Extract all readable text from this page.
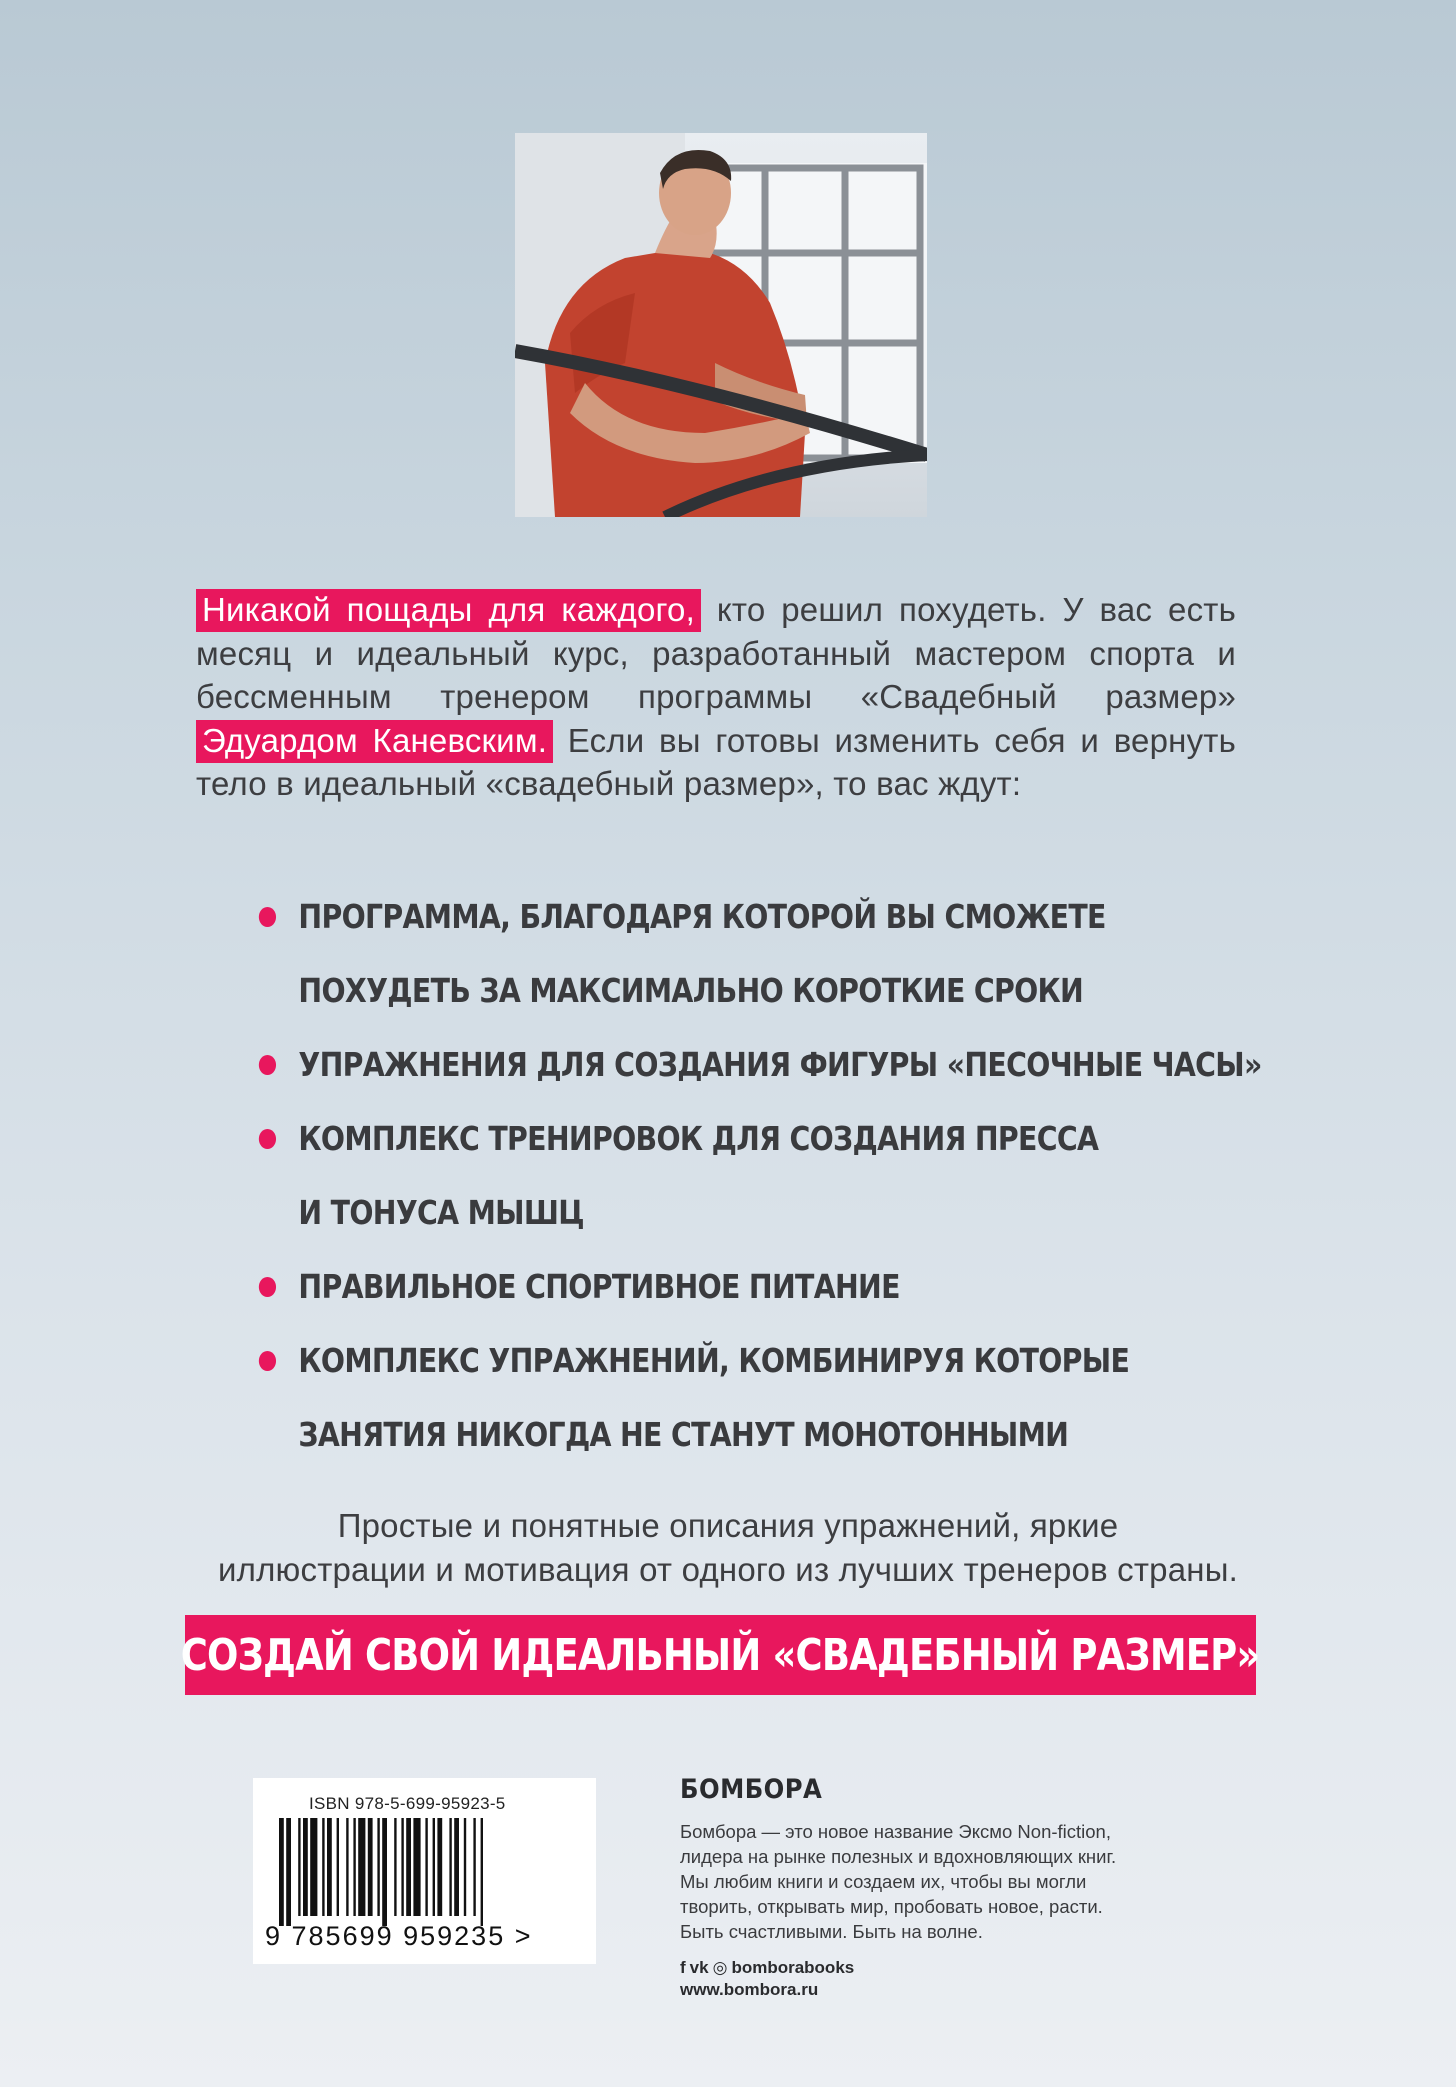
Никакой пощады для каждого, кто решил похудеть. У вас есть месяц и идеальный курс, разработанный мастером спорта и бессменным тренером программы «Свадебный размер» Эдуардом Каневским. Если вы готовы изменить себя и вернуть тело в идеальный «свадебный размер», то вас ждут:
ПРОГРАММА, БЛАГОДАРЯ КОТОРОЙ ВЫ СМОЖЕТЕ
ПОХУДЕТЬ ЗА МАКСИМАЛЬНО КОРОТКИЕ СРОКИ
УПРАЖНЕНИЯ ДЛЯ СОЗДАНИЯ ФИГУРЫ «ПЕСОЧНЫЕ ЧАСЫ»
КОМПЛЕКС ТРЕНИРОВОК ДЛЯ СОЗДАНИЯ ПРЕССА
И ТОНУСА МЫШЦ
ПРАВИЛЬНОЕ СПОРТИВНОЕ ПИТАНИЕ
КОМПЛЕКС УПРАЖНЕНИЙ, КОМБИНИРУЯ КОТОРЫЕ
ЗАНЯТИЯ НИКОГДА НЕ СТАНУТ МОНОТОННЫМИ
Простые и понятные описания упражнений, яркие
иллюстрации и мотивация от одного из лучших тренеров страны.
СОЗДАЙ СВОЙ ИДЕАЛЬНЫЙ «СВАДЕБНЫЙ РАЗМЕР»
ISBN 978-5-699-95923-5
9 785699 959235 >
БОМБОРА
Бомбора — это новое название Эксмо Non-fiction,
лидера на рынке полезных и вдохновляющих книг.
Мы любим книги и создаем их, чтобы вы могли
творить, открывать мир, пробовать новое, расти.
Быть счастливыми. Быть на волне.
f vk ◎ bomborabooks
www.bombora.ru
